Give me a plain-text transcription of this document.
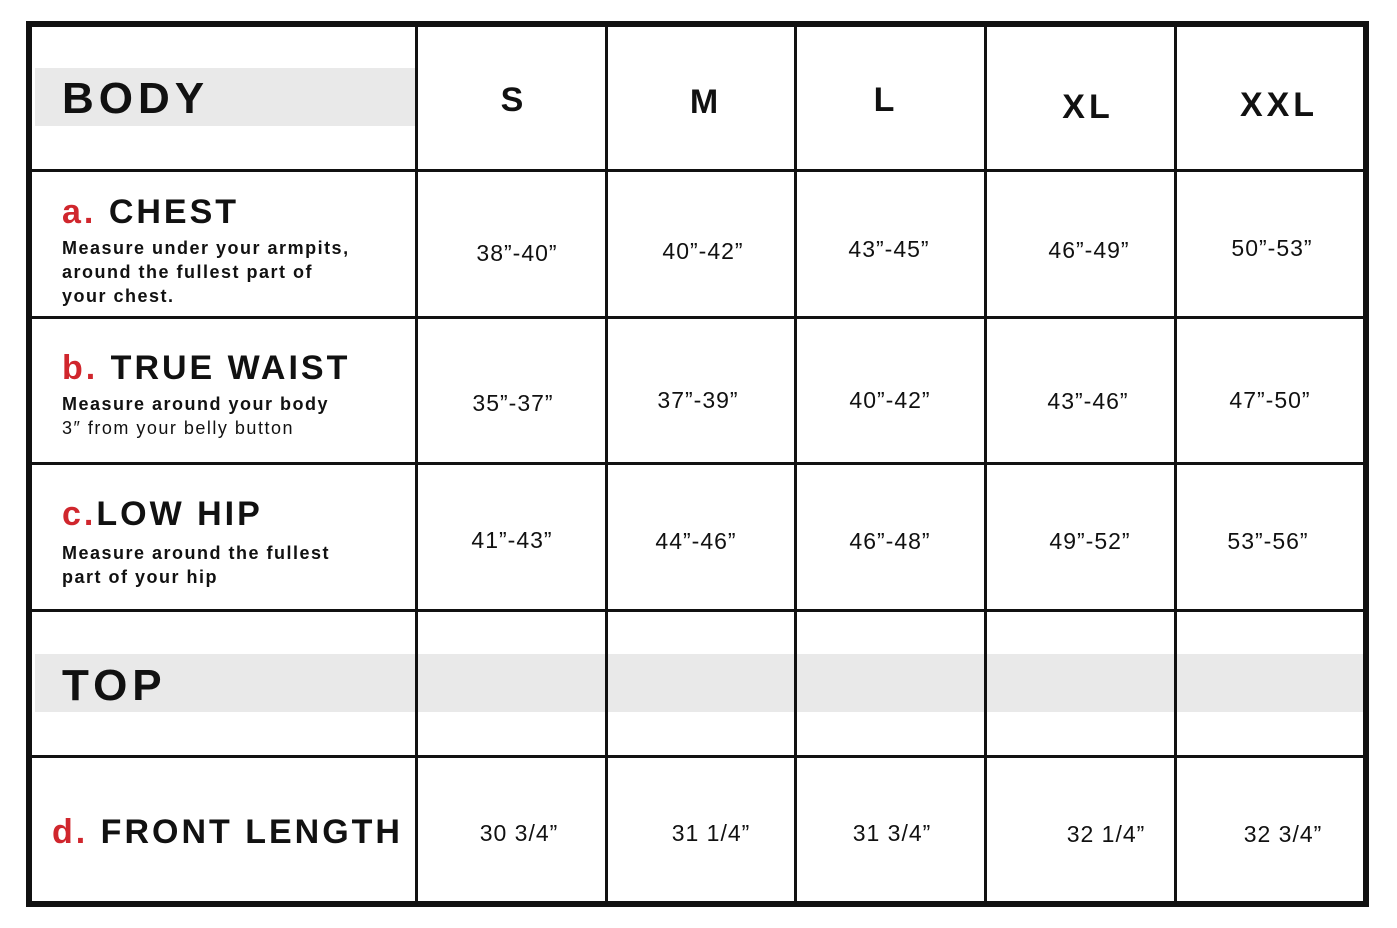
BODY	S	M	L	XL	XXL
a. CHEST
Measure under your armpits,
around the fullest part of
your chest.
38”-40”	40”-42”	43”-45”	46”-49”	50”-53”
b. TRUE WAIST
Measure around your body
3″ from your belly button
35”-37”	37”-39”	40”-42”	43”-46”	47”-50”
c.LOW HIP
Measure around the fullest
part of your hip
41”-43”	44”-46”	46”-48”	49”-52”	53”-56”
TOP
d. FRONT LENGTH	30 3/4”	31 1/4”	31 3/4”	32 1/4”	32 3/4”
